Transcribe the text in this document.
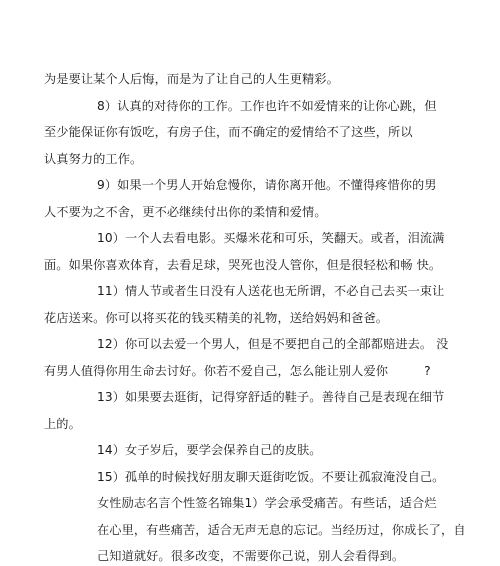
为是要让某个人后悔，而是为了让自己的人生更精彩。
8）认真的对待你的工作。工作也许不如爱情来的让你心跳，但
至少能保证你有饭吃，有房子住，而不确定的爱情给不了这些，所以
认真努力的工作。
9）如果一个男人开始怠慢你，请你离开他。不懂得疼惜你的男
人不要为之不舍，更不必继续付出你的柔情和爱情。
10）一个人去看电影。买爆米花和可乐，笑翻天。或者，泪流满
面。如果你喜欢体育，去看足球，哭死也没人管你，但是很轻松和畅 快。
11）情人节或者生日没有人送花也无所谓，不必自己去买一束让
花店送来。你可以将买花的钱买精美的礼物，送给妈妈和爸爸。
12）你可以去爱一个男人，但是不要把自己的全部都赔进去。 没
有男人值得你用生命去讨好。你若不爱自己，怎么能让别人爱你	?
13）如果要去逛街，记得穿舒适的鞋子。善待自己是表现在细节
上的。
14）女子岁后，要学会保养自己的皮肤。
15）孤单的时候找好朋友聊天逛街吃饭。不要让孤寂淹没自己。
女性励志名言个性签名锦集1）学会承受痛苦。有些话，适合烂
在心里，有些痛苦，适合无声无息的忘记。当经历过，你成长了，自
己知道就好。很多改变，不需要你己说，别人会看得到。
